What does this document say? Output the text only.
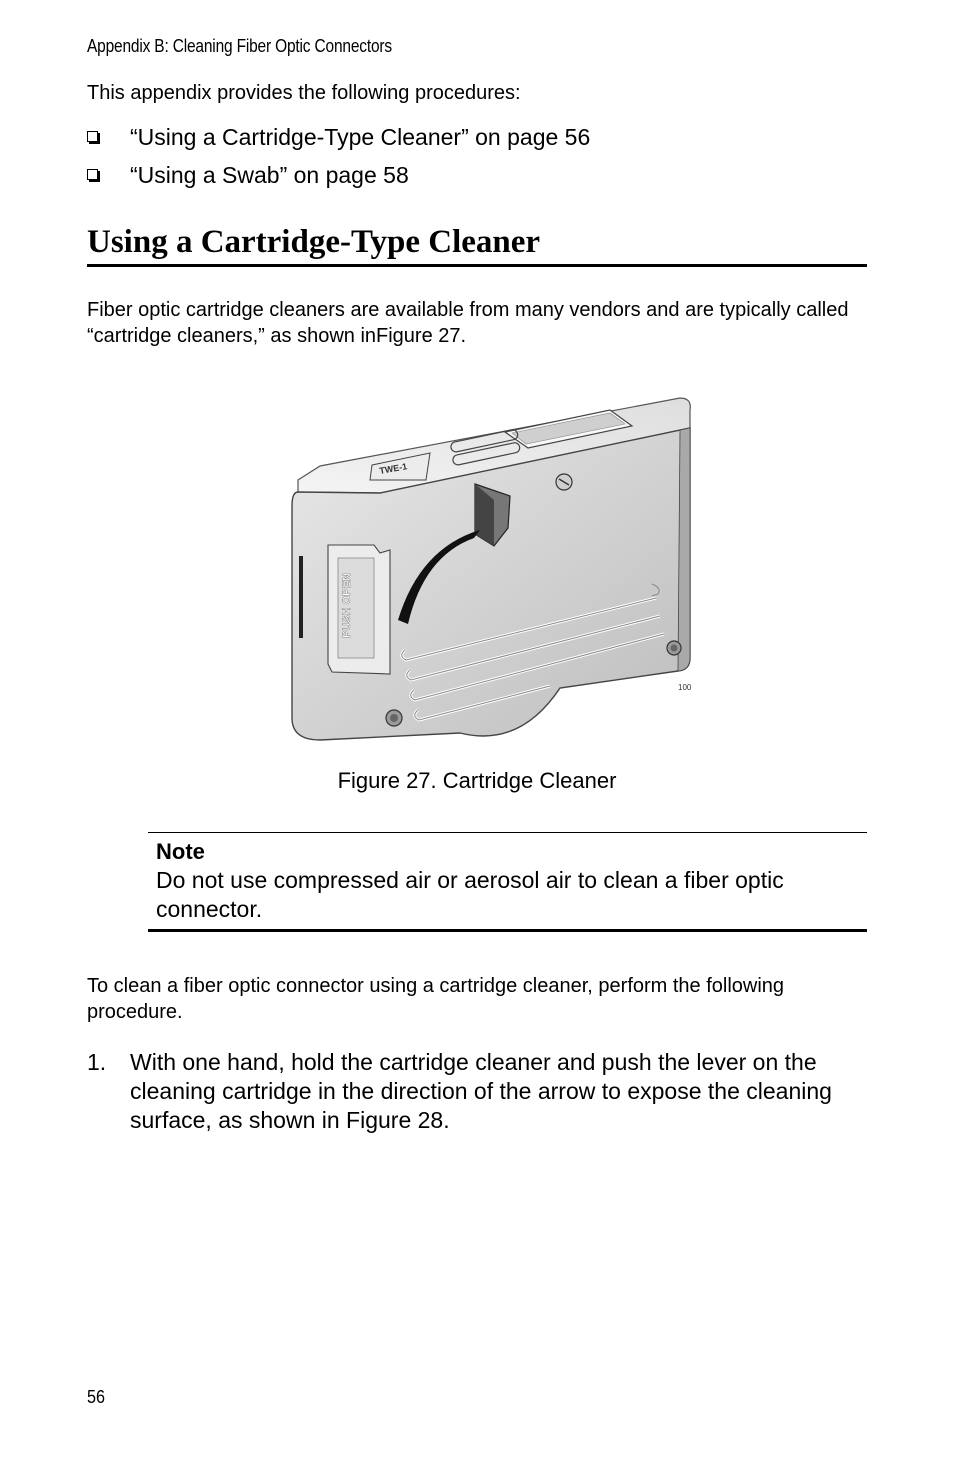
Appendix B: Cleaning Fiber Optic Connectors
This appendix provides the following procedures:
“Using a Cartridge-Type Cleaner” on page 56
“Using a Swab” on page 58
Using a Cartridge-Type Cleaner
Fiber optic cartridge cleaners are available from many vendors and are typically called “cartridge cleaners,” as shown inFigure 27.
TWE-1
PUSH OPEN
100
Figure 27. Cartridge Cleaner
Note
Do not use compressed air or aerosol air to clean a fiber optic connector.
To clean a fiber optic connector using a cartridge cleaner, perform the following procedure.
1. With one hand, hold the cartridge cleaner and push the lever on the cleaning cartridge in the direction of the arrow to expose the cleaning surface, as shown in Figure 28.
56
